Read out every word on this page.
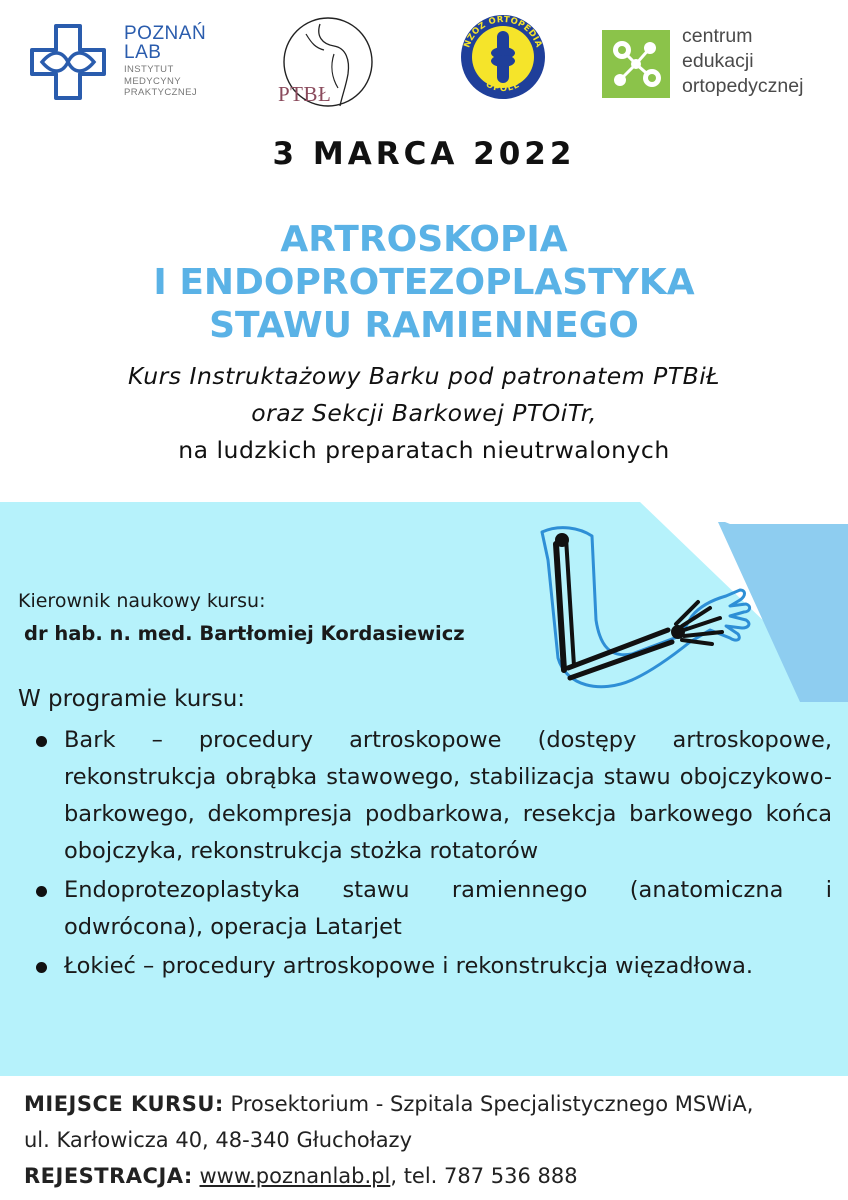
POZNAŃ
LAB
INSTYTUT
MEDYCYNY
PRAKTYCZNEJ	PTBŁ
NZOZ ORTOPEDIA
OPOLE
centrum
edukacji
ortopedycznej
3 MARCA 2022
ARTROSKOPIA
I ENDOPROTEZOPLASTYKA
STAWU RAMIENNEGO
Kurs Instruktażowy Barku pod patronatem PTBiŁ
oraz Sekcji Barkowej PTOiTr,
na ludzkich preparatach nieutrwalonych
Kierownik naukowy kursu:
dr hab. n. med. Bartłomiej Kordasiewicz
W programie kursu:
Bark – procedury artroskopowe (dostępy artroskopowe, rekonstrukcja obrąbka stawowego, stabilizacja stawu obojczykowo-barkowego, dekompresja podbarkowa, resekcja barkowego końca obojczyka, rekonstrukcja stożka rotatorów
Endoprotezoplastyka stawu ramiennego (anatomiczna i odwrócona), operacja Latarjet
Łokieć – procedury artroskopowe i rekonstrukcja więzadłowa.
MIEJSCE KURSU: Prosektorium - Szpitala Specjalistycznego MSWiA,
ul. Karłowicza 40, 48-340 Głuchołazy
REJESTRACJA: www.poznanlab.pl, tel. 787 536 888
